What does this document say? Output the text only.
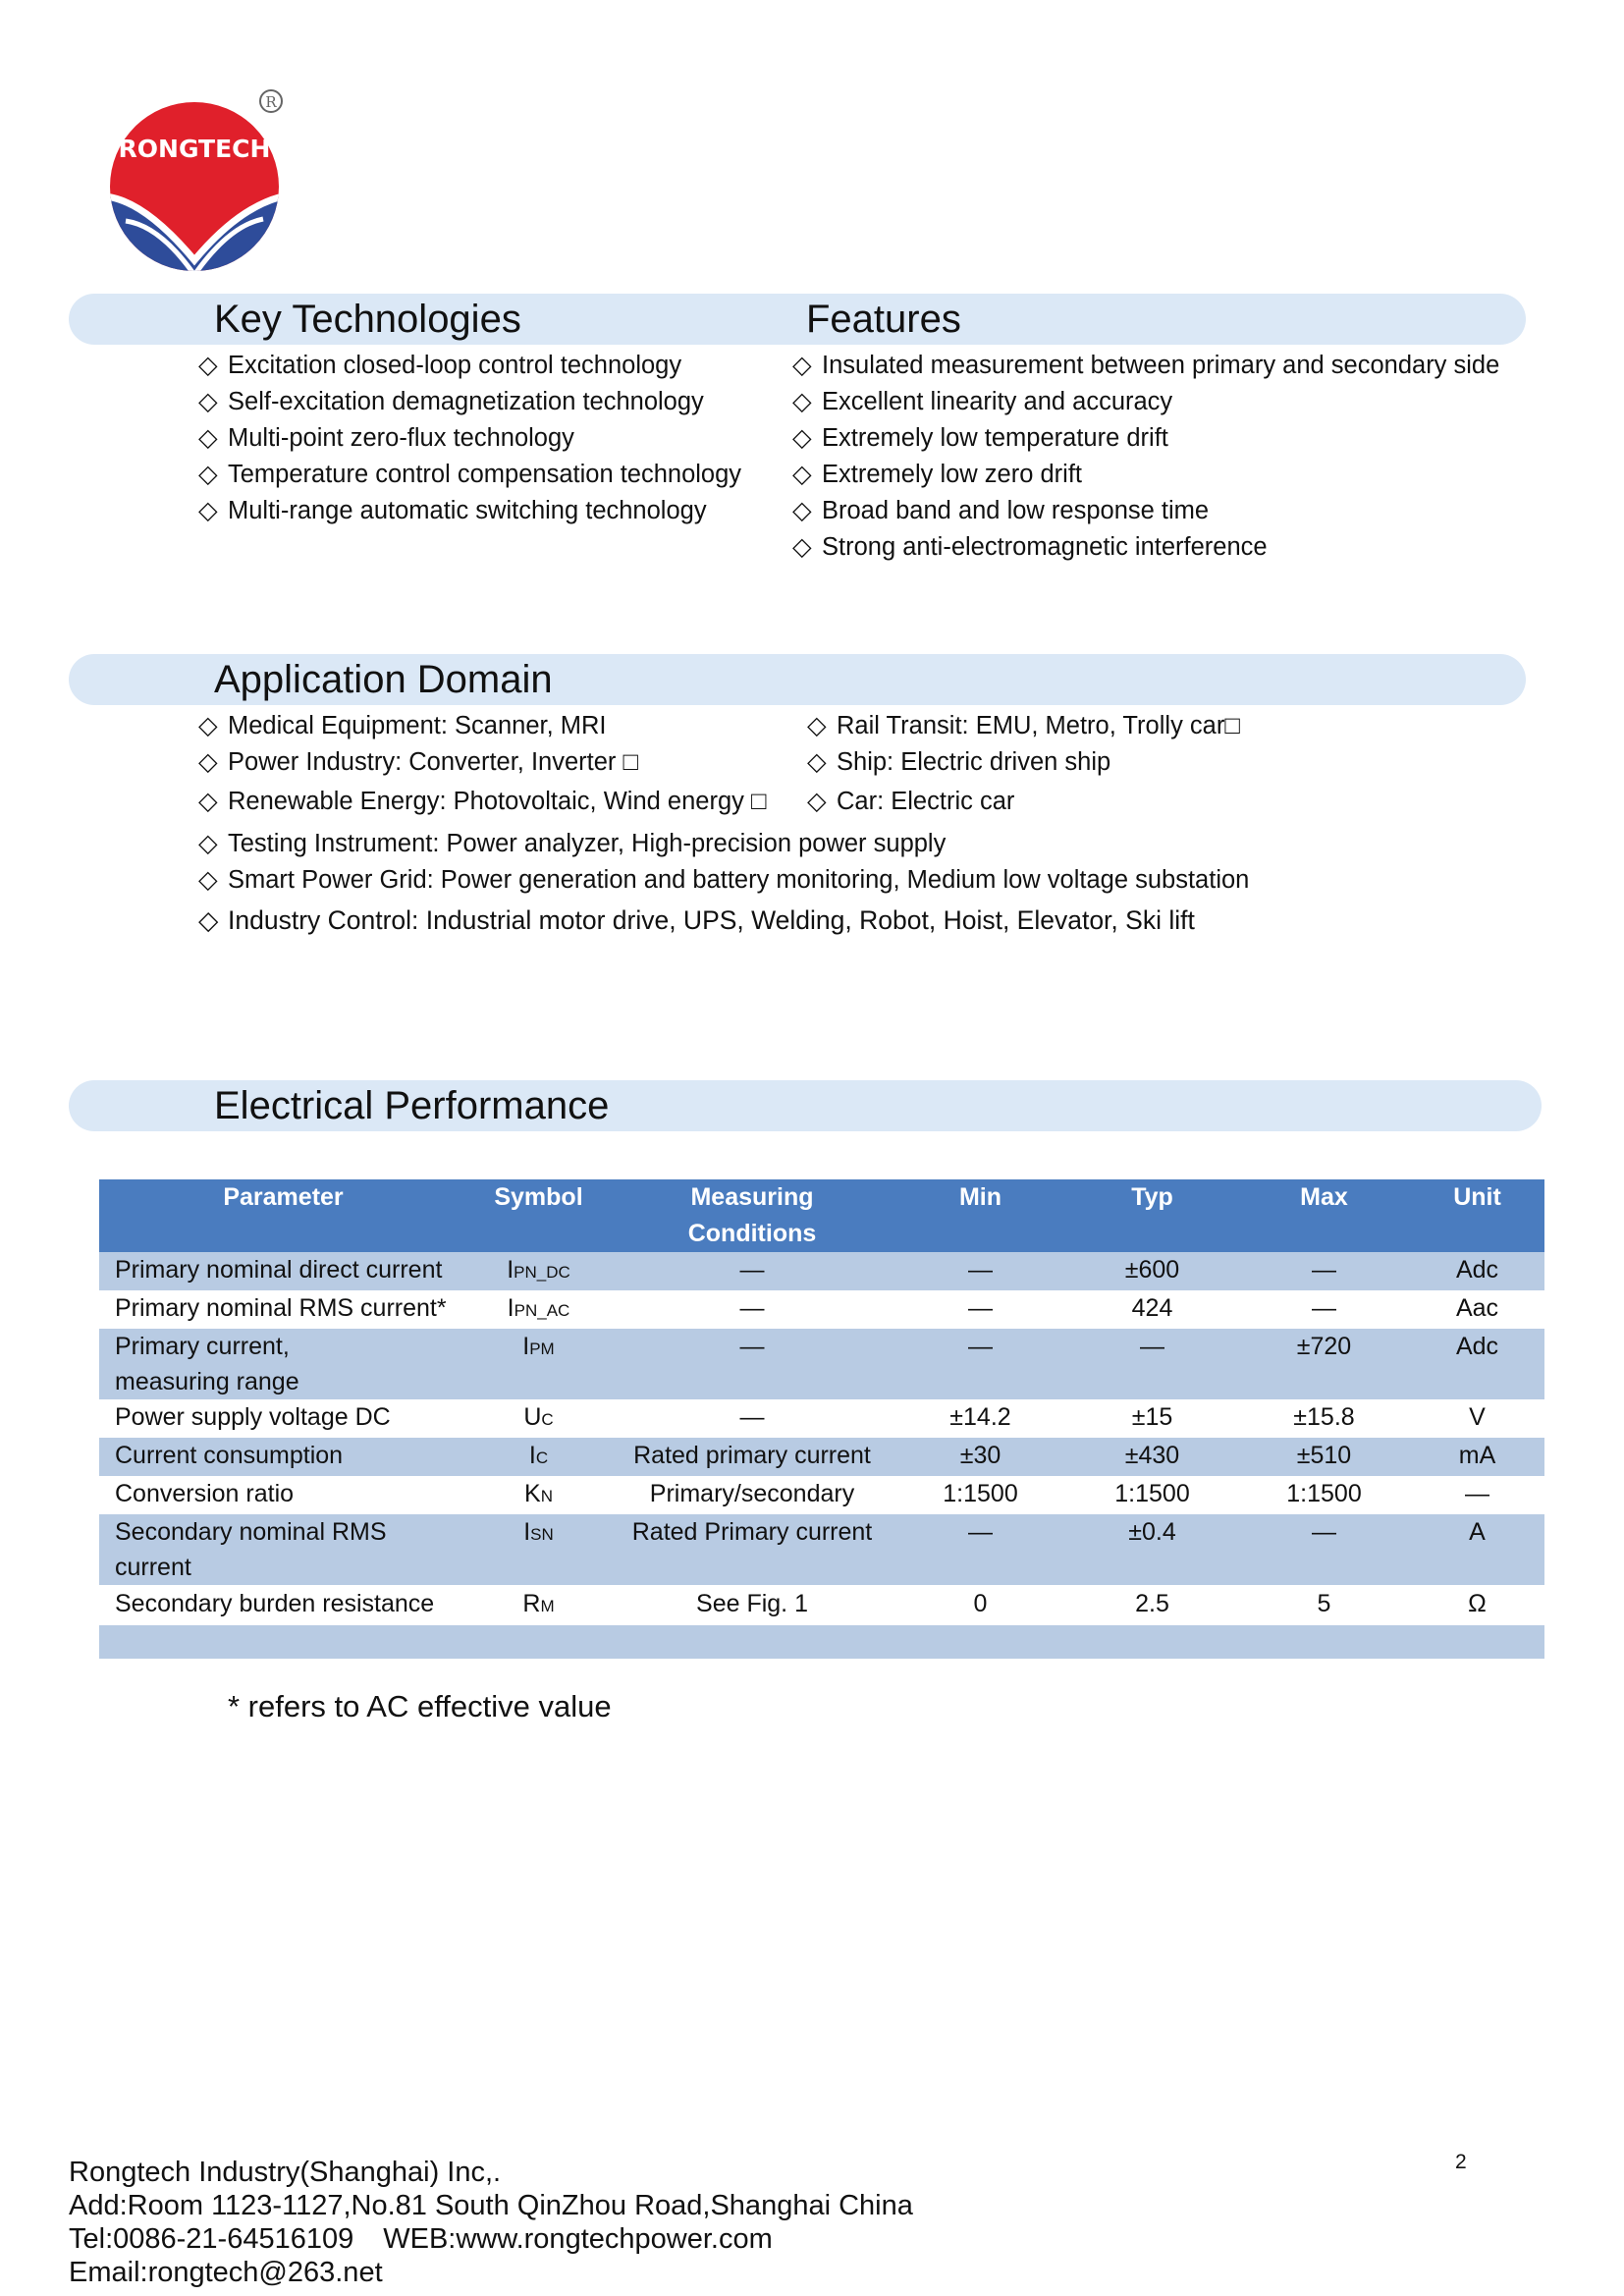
RONGTECH
R
Key Technologies	Features
◇ Excitation closed-loop control technology
◇ Self-excitation demagnetization technology
◇ Multi-point zero-flux technology
◇ Temperature control compensation technology
◇ Multi-range automatic switching technology
◇ Insulated measurement between primary and secondary side
◇ Excellent linearity and accuracy
◇ Extremely low temperature drift
◇ Extremely low zero drift
◇ Broad band and low response time
◇ Strong anti-electromagnetic interference
Application Domain
◇ Medical Equipment: Scanner, MRI
◇ Power Industry: Converter, Inverter □
◇ Renewable Energy: Photovoltaic, Wind energy □
◇ Rail Transit: EMU, Metro, Trolly car□
◇ Ship: Electric driven ship
◇ Car: Electric car
◇ Testing Instrument: Power analyzer, High-precision power supply
◇ Smart Power Grid: Power generation and battery monitoring, Medium low voltage substation
◇ Industry Control: Industrial motor drive, UPS, Welding, Robot, Hoist, Elevator, Ski lift
Electrical Performance
Parameter	Symbol	Measuring Conditions	Min	Typ	Max	Unit
Primary nominal direct current	IPN_DC	—	—	±600	—	Adc
Primary nominal RMS current*	IPN_AC	—	—	424	—	Aac
Primary current, measuring range	IPM	—	—	—	±720	Adc
Power supply voltage DC	UC	—	±14.2	±15	±15.8	V
Current consumption	IC	Rated primary current	±30	±430	±510	mA
Conversion ratio	KN	Primary/secondary	1:1500	1:1500	1:1500	—
Secondary nominal RMS current	ISN	Rated Primary current	—	±0.4	—	A
Secondary burden resistance	RM	See Fig. 1	0	2.5	5	Ω

* refers to AC effective value
2
Rongtech Industry(Shanghai) Inc,.
Add:Room 1123-1127,No.81 South QinZhou Road,Shanghai China
Tel:0086-21-64516109 WEB:www.rongtechpower.com
Email:rongtech@263.net
